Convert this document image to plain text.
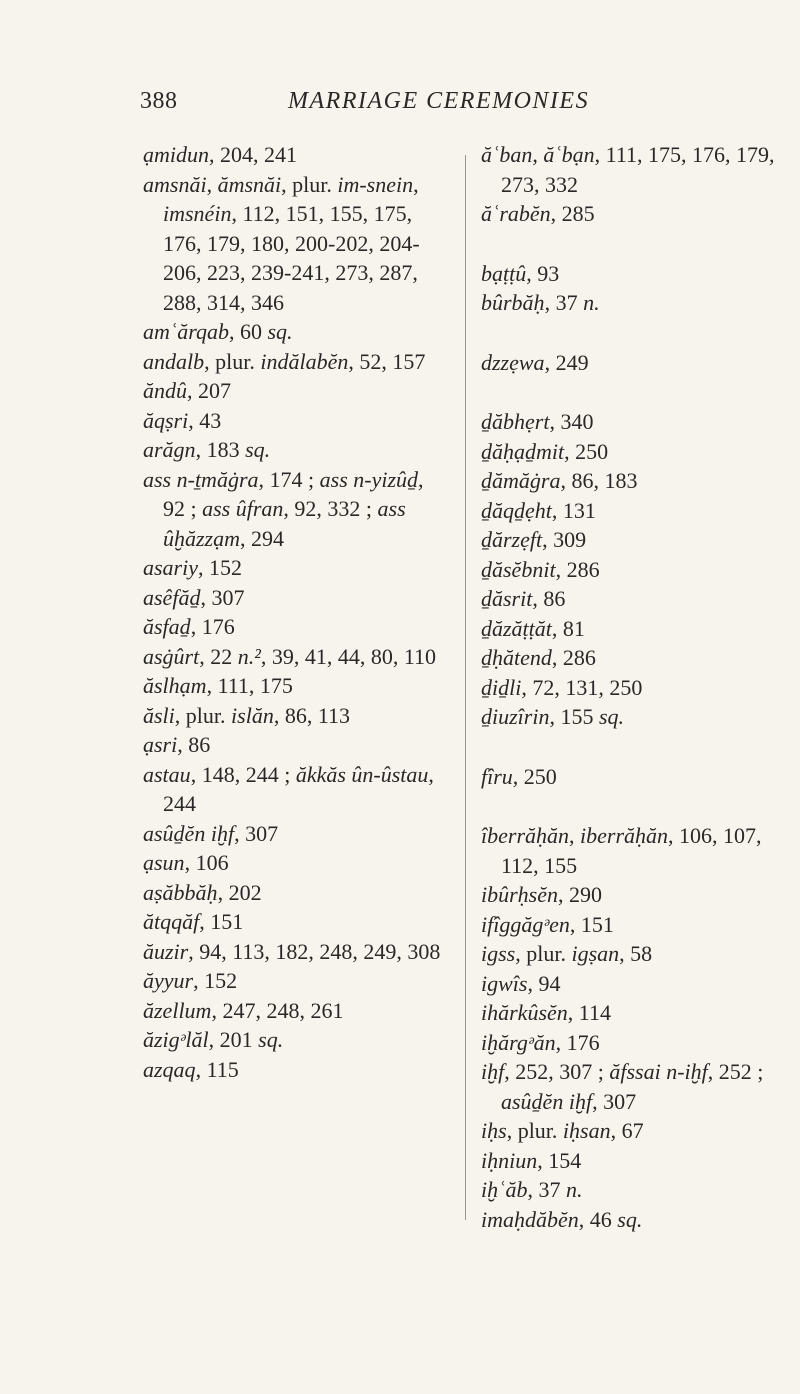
388	MARRIAGE CEREMONIES

ạmidun, 204, 241

amsnăi, ămsnăi, plur. im-snein, imsnéin, 112, 151, 155, 175, 176, 179, 180, 200-202, 204-206, 223, 239-241, 273, 287, 288, 314, 346

amʿărqab, 60 sq.

andalb, plur. indălabĕn, 52, 157

ăndû, 207

ăqṣri, 43

arăgn, 183 sq.

ass n-ṯmăġra, 174 ; ass n-yizûḏ, 92 ; ass ûfran, 92, 332 ; ass ûḫăzzạm, 294

asariy, 152

asêfăḏ, 307

ăsfaḏ, 176

asġûrt, 22 n.², 39, 41, 44, 80, 110

ăslhạm, 111, 175

ăsli, plur. islăn, 86, 113

ạsri, 86

astau, 148, 244 ; ăkkăs ûn-ûstau, 244

asûḏĕn iḫf, 307

ạsun, 106

aṣăbbăḥ, 202

ătqqăf, 151

ăuzir, 94, 113, 182, 248, 249, 308

ăyyur, 152

ăzellum, 247, 248, 261

ăzigᵊlăl, 201 sq.

azqaq, 115

ăʿban, ăʿbạn, 111, 175, 176, 179, 273, 332

ăʿrabĕn, 285

bạṭṭû, 93

bûrbăḥ, 37 n.

dzzẹwa, 249

ḏăbhẹrt, 340

ḏăḥạḏmit, 250

ḏămăġra, 86, 183

ḏăqḏẹht, 131

ḏărzẹft, 309

ḏăsĕbnit, 286

ḏăsrit, 86

ḏăzăṭṭăt, 81

ḏḥătend, 286

ḏiḏli, 72, 131, 250

ḏiuzîrin, 155 sq.

fîru, 250

îberrăḥăn, iberrăḥăn, 106, 107, 112, 155

ibûrḥsĕn, 290

ifîggăgᵊen, 151

igss, plur. igṣan, 58

igwîs, 94

ihărkûsĕn, 114

iḫărgᵊăn, 176

iḫf, 252, 307 ; ăfssai n-iḫf, 252 ; asûḏĕn iḫf, 307

iḥs, plur. iḥsan, 67

iḥniun, 154

iḫʿăb, 37 n.

imaḥdăbĕn, 46 sq.
